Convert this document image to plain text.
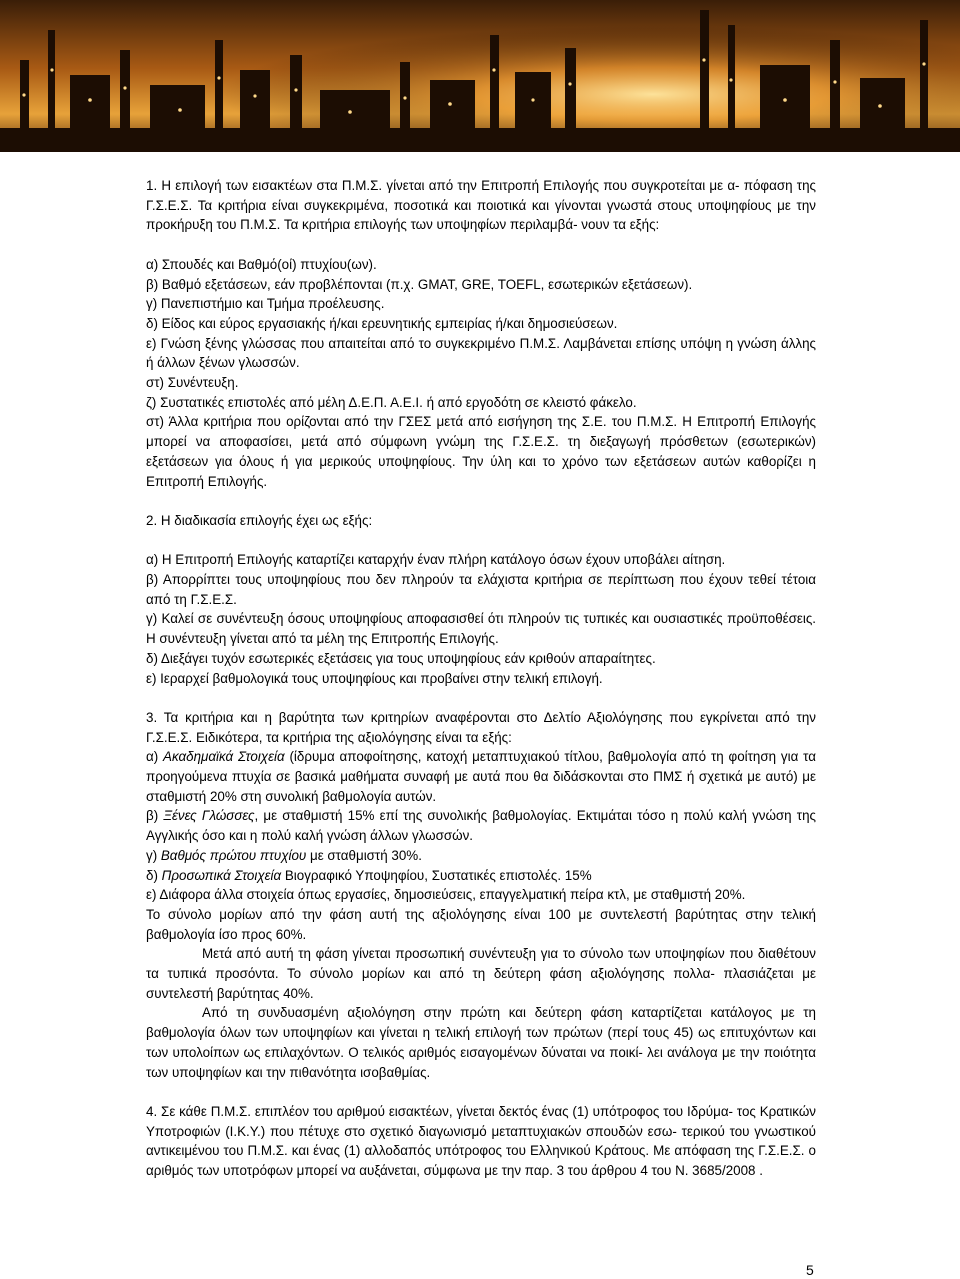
1. Η επιλογή των εισακτέων στα Π.Μ.Σ. γίνεται από την Επιτροπή Επιλογής που συγκροτείται με α- πόφαση της Γ.Σ.Ε.Σ. Τα κριτήρια είναι συγκεκριμένα, ποσοτικά και ποιοτικά και γίνονται γνωστά στους υποψηφίους με την προκήρυξη του Π.Μ.Σ. Τα κριτήρια επιλογής των υποψηφίων περιλαμβά- νουν τα εξής:

α) Σπουδές και Βαθμό(οί) πτυχίου(ων).

β) Βαθμό εξετάσεων, εάν προβλέπονται (π.χ. GMAT, GRE, TOEFL, εσωτερικών εξετάσεων).

γ) Πανεπιστήμιο και Τμήμα προέλευσης.

δ) Είδος και εύρος εργασιακής ή/και ερευνητικής εμπειρίας ή/και δημοσιεύσεων.

ε) Γνώση ξένης γλώσσας που απαιτείται από το συγκεκριμένο Π.Μ.Σ. Λαμβάνεται επίσης υπόψη η γνώση άλλης ή άλλων ξένων γλωσσών.

στ) Συνέντευξη.

ζ) Συστατικές επιστολές από μέλη Δ.Ε.Π. Α.Ε.Ι. ή από εργοδότη σε κλειστό φάκελο.

στ) Άλλα κριτήρια που ορίζονται από την ΓΣΕΣ μετά από εισήγηση της Σ.Ε. του Π.Μ.Σ. Η Επιτροπή Επιλογής μπορεί να αποφασίσει, μετά από σύμφωνη γνώμη της Γ.Σ.Ε.Σ. τη διεξαγωγή πρόσθετων (εσωτερικών) εξετάσεων για όλους ή για μερικούς υποψηφίους. Την ύλη και το χρόνο των εξετάσεων αυτών καθορίζει η Επιτροπή Επιλογής.

2. Η διαδικασία επιλογής έχει ως εξής:

α) Η Επιτροπή Επιλογής καταρτίζει καταρχήν έναν πλήρη κατάλογο όσων έχουν υποβάλει αίτηση.

β) Απορρίπτει τους υποψηφίους που δεν πληρούν τα ελάχιστα κριτήρια σε περίπτωση που έχουν τεθεί τέτοια από τη Γ.Σ.Ε.Σ.

γ) Καλεί σε συνέντευξη όσους υποψηφίους αποφασισθεί ότι πληρούν τις τυπικές και ουσιαστικές προϋποθέσεις. Η συνέντευξη γίνεται από τα μέλη της Επιτροπής Επιλογής.

δ) Διεξάγει τυχόν εσωτερικές εξετάσεις για τους υποψηφίους εάν κριθούν απαραίτητες.

ε) Ιεραρχεί βαθμολογικά τους υποψηφίους και προβαίνει στην τελική επιλογή.

3. Τα κριτήρια και η βαρύτητα των κριτηρίων αναφέρονται στο Δελτίο Αξιολόγησης που εγκρίνεται από την Γ.Σ.Ε.Σ. Ειδικότερα, τα κριτήρια της αξιολόγησης είναι τα εξής:

α) Ακαδημαϊκά Στοιχεία (ίδρυμα αποφοίτησης, κατοχή μεταπτυχιακού τίτλου, βαθμολογία από τη φοίτηση για τα προηγούμενα πτυχία σε βασικά μαθήματα συναφή με αυτά που θα διδάσκονται στο ΠΜΣ ή σχετικά με αυτό) με σταθμιστή 20% στη συνολική βαθμολογία αυτών.

β) Ξένες Γλώσσες, με σταθμιστή 15% επί της συνολικής βαθμολογίας. Εκτιμάται τόσο η πολύ καλή γνώση της Αγγλικής όσο και η πολύ καλή γνώση άλλων γλωσσών.

γ) Βαθμός πρώτου πτυχίου με σταθμιστή 30%.

δ) Προσωπικά Στοιχεία Βιογραφικό Υποψηφίου, Συστατικές επιστολές. 15%

ε) Διάφορα άλλα στοιχεία όπως εργασίες, δημοσιεύσεις, επαγγελματική πείρα κτλ, με σταθμιστή 20%.

Το σύνολο μορίων από την φάση αυτή της αξιολόγησης είναι 100 με συντελεστή βαρύτητας στην τελική βαθμολογία ίσο προς 60%.

Μετά από αυτή τη φάση γίνεται προσωπική συνέντευξη για το σύνολο των υποψηφίων που διαθέτουν τα τυπικά προσόντα. Το σύνολο μορίων και από τη δεύτερη φάση αξιολόγησης πολλα- πλασιάζεται με συντελεστή βαρύτητας 40%.

Από τη συνδυασμένη αξιολόγηση στην πρώτη και δεύτερη φάση καταρτίζεται κατάλογος με τη βαθμολογία όλων των υποψηφίων και γίνεται η τελική επιλογή των πρώτων (περί τους 45) ως επιτυχόντων και των υπολοίπων ως επιλαχόντων. Ο τελικός αριθμός εισαγομένων δύναται να ποικί- λει ανάλογα με την ποιότητα των υποψηφίων και την πιθανότητα ισοβαθμίας.

4. Σε κάθε Π.Μ.Σ. επιπλέον του αριθμού εισακτέων, γίνεται δεκτός ένας (1) υπότροφος του Ιδρύμα- τος Κρατικών Υποτροφιών (Ι.Κ.Υ.) που πέτυχε στο σχετικό διαγωνισμό μεταπτυχιακών σπουδών εσω- τερικού του γνωστικού αντικειμένου του Π.Μ.Σ. και ένας (1) αλλοδαπός υπότροφος του Ελληνικού Κράτους. Με απόφαση της Γ.Σ.Ε.Σ. ο αριθμός των υποτρόφων μπορεί να αυξάνεται, σύμφωνα με την παρ. 3 του άρθρου 4 του Ν. 3685/2008 .

5
